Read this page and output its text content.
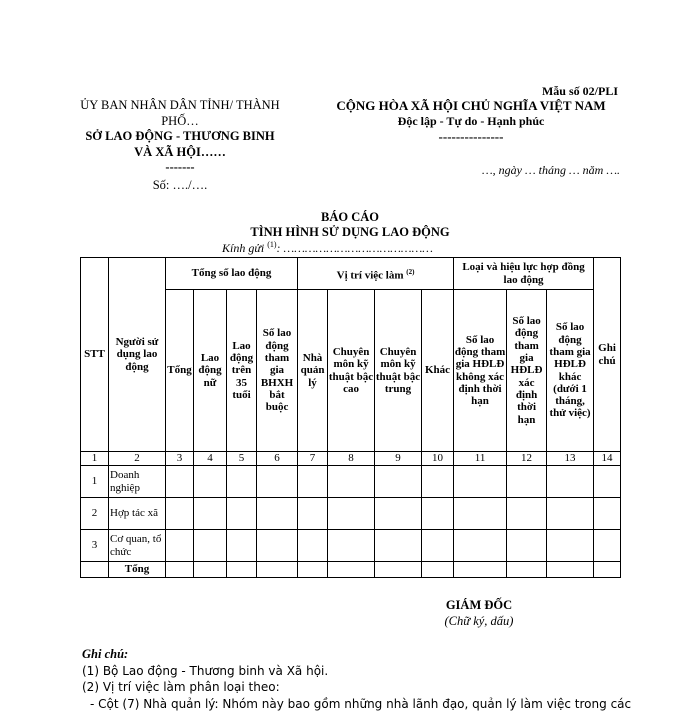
Mẫu số 02/PLI
ỦY BAN NHÂN DÂN TỈNH/ THÀNH PHỐ…
SỞ LAO ĐỘNG - THƯƠNG BINH VÀ XÃ HỘI……
-------
Số: …./….
CỘNG HÒA XÃ HỘI CHỦ NGHĨA VIỆT NAM
Độc lập - Tự do - Hạnh phúc
---------------
…, ngày … tháng … năm ….
BÁO CÁO
TÌNH HÌNH SỬ DỤNG LAO ĐỘNG
Kính gửi $^{(1)}$: ……………………………………
STT	Người sử dụng lao động	Tổng số lao động				Vị trí việc làm $^{(2)}$				Loại và hiệu lực hợp đồng lao động			Ghi chú
		Tổng	Lao động nữ	Lao động trên 35 tuổi	Số lao động tham gia BHXH bắt buộc	Nhà quản lý	Chuyên môn kỹ thuật bậc cao	Chuyên môn kỹ thuật bậc trung	Khác	Số lao động tham gia HĐLĐ không xác định thời hạn	Số lao động tham gia HĐLĐ xác định thời hạn	Số lao động tham gia HĐLĐ khác (dưới 1 tháng, thử việc)	
1	2	3	4	5	6	7	8	9	10	11	12	13	14
1	Doanh nghiệp												
2	Hợp tác xã												
3	Cơ quan, tổ chức												
	Tổng												
GIÁM ĐỐC
(Chữ ký, dấu)
Ghi chú:
(1) Bộ Lao động - Thương binh và Xã hội.
(2) Vị trí việc làm phân loại theo:
- Cột (7) Nhà quản lý: Nhóm này bao gồm những nhà lãnh đạo, quản lý làm việc trong các
